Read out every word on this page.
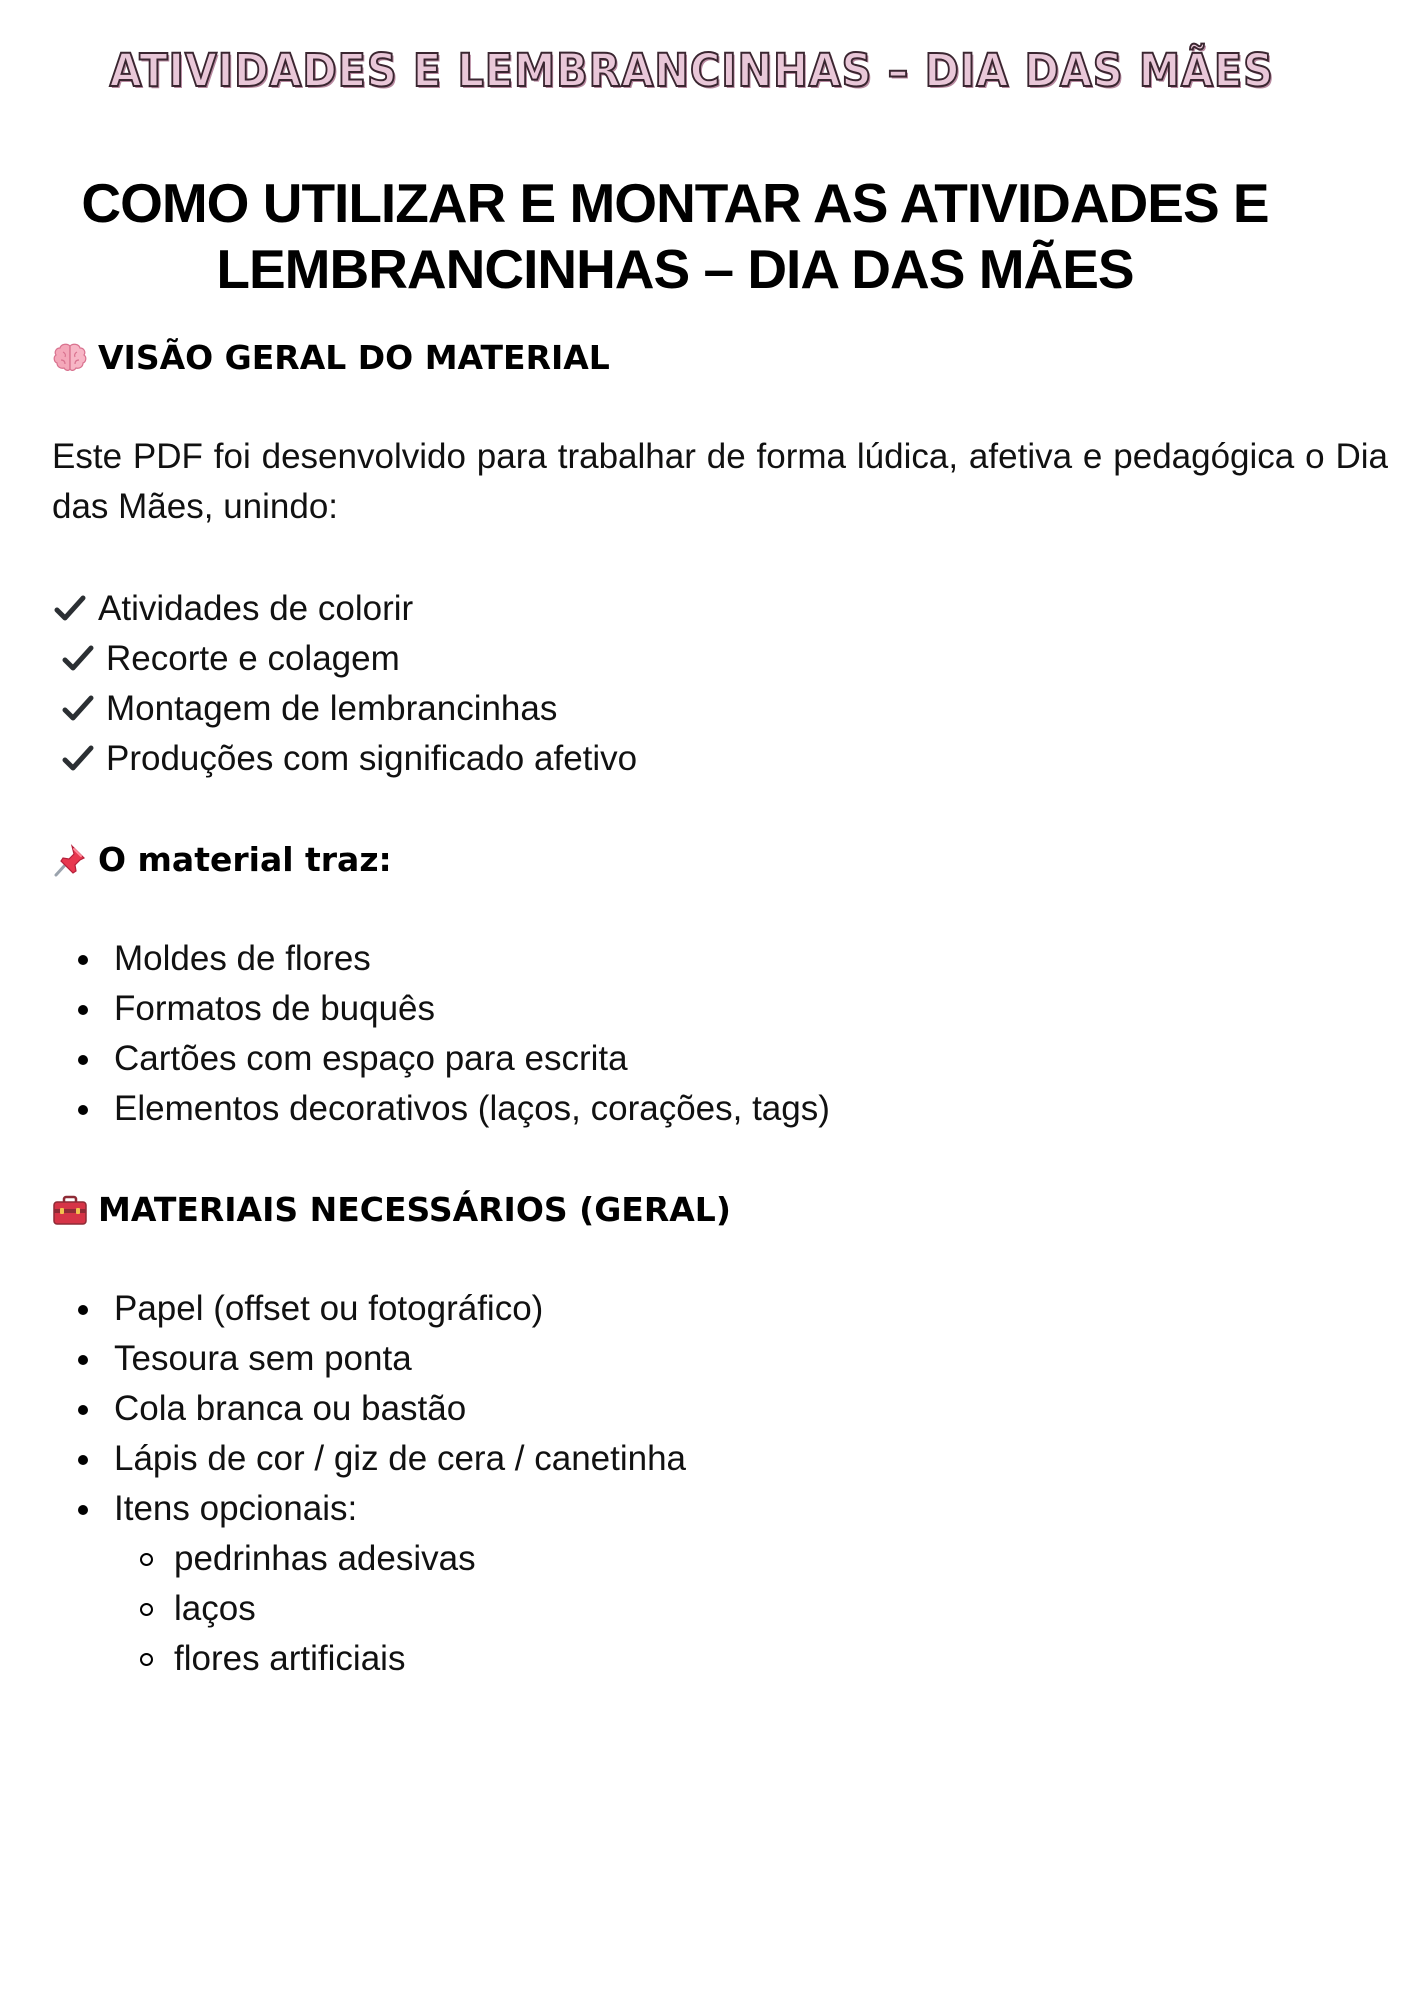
ATIVIDADES E LEMBRANCINHAS – DIA DAS MÃES
COMO UTILIZAR E MONTAR AS ATIVIDADES E
LEMBRANCINHAS – DIA DAS MÃES
VISÃO GERAL DO MATERIAL
Este PDF foi desenvolvido para trabalhar de forma lúdica, afetiva e pedagógica o Dia das Mães, unindo:
Atividades de colorir
Recorte e colagem
Montagem de lembrancinhas
Produções com significado afetivo
O material traz:
Moldes de flores
Formatos de buquês
Cartões com espaço para escrita
Elementos decorativos (laços, corações, tags)
MATERIAIS NECESSÁRIOS (GERAL)
Papel (offset ou fotográfico)
Tesoura sem ponta
Cola branca ou bastão
Lápis de cor / giz de cera / canetinha
Itens opcionais:
pedrinhas adesivas
laços
flores artificiais
